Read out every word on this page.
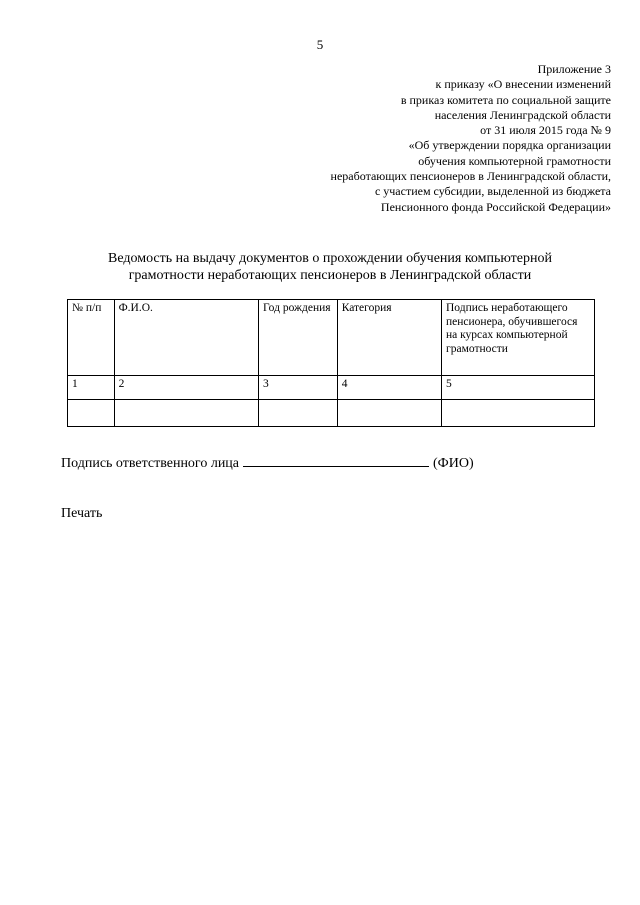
5
Приложение 3
к приказу «О внесении изменений
в приказ комитета по социальной защите
населения Ленинградской области
от 31 июля 2015 года № 9
«Об утверждении порядка организации
обучения компьютерной грамотности
неработающих пенсионеров в Ленинградской области,
с участием субсидии, выделенной из бюджета
Пенсионного фонда Российской Федерации»
Ведомость на выдачу документов о прохождении обучения компьютерной
грамотности неработающих пенсионеров в Ленинградской области
№ п/п	Ф.И.О.	Год рождения	Категория	Подпись неработающего пенсионера, обучившегося на курсах компьютерной грамотности
1	2	3	4	5

Подпись ответственного лица	(ФИО)
Печать
